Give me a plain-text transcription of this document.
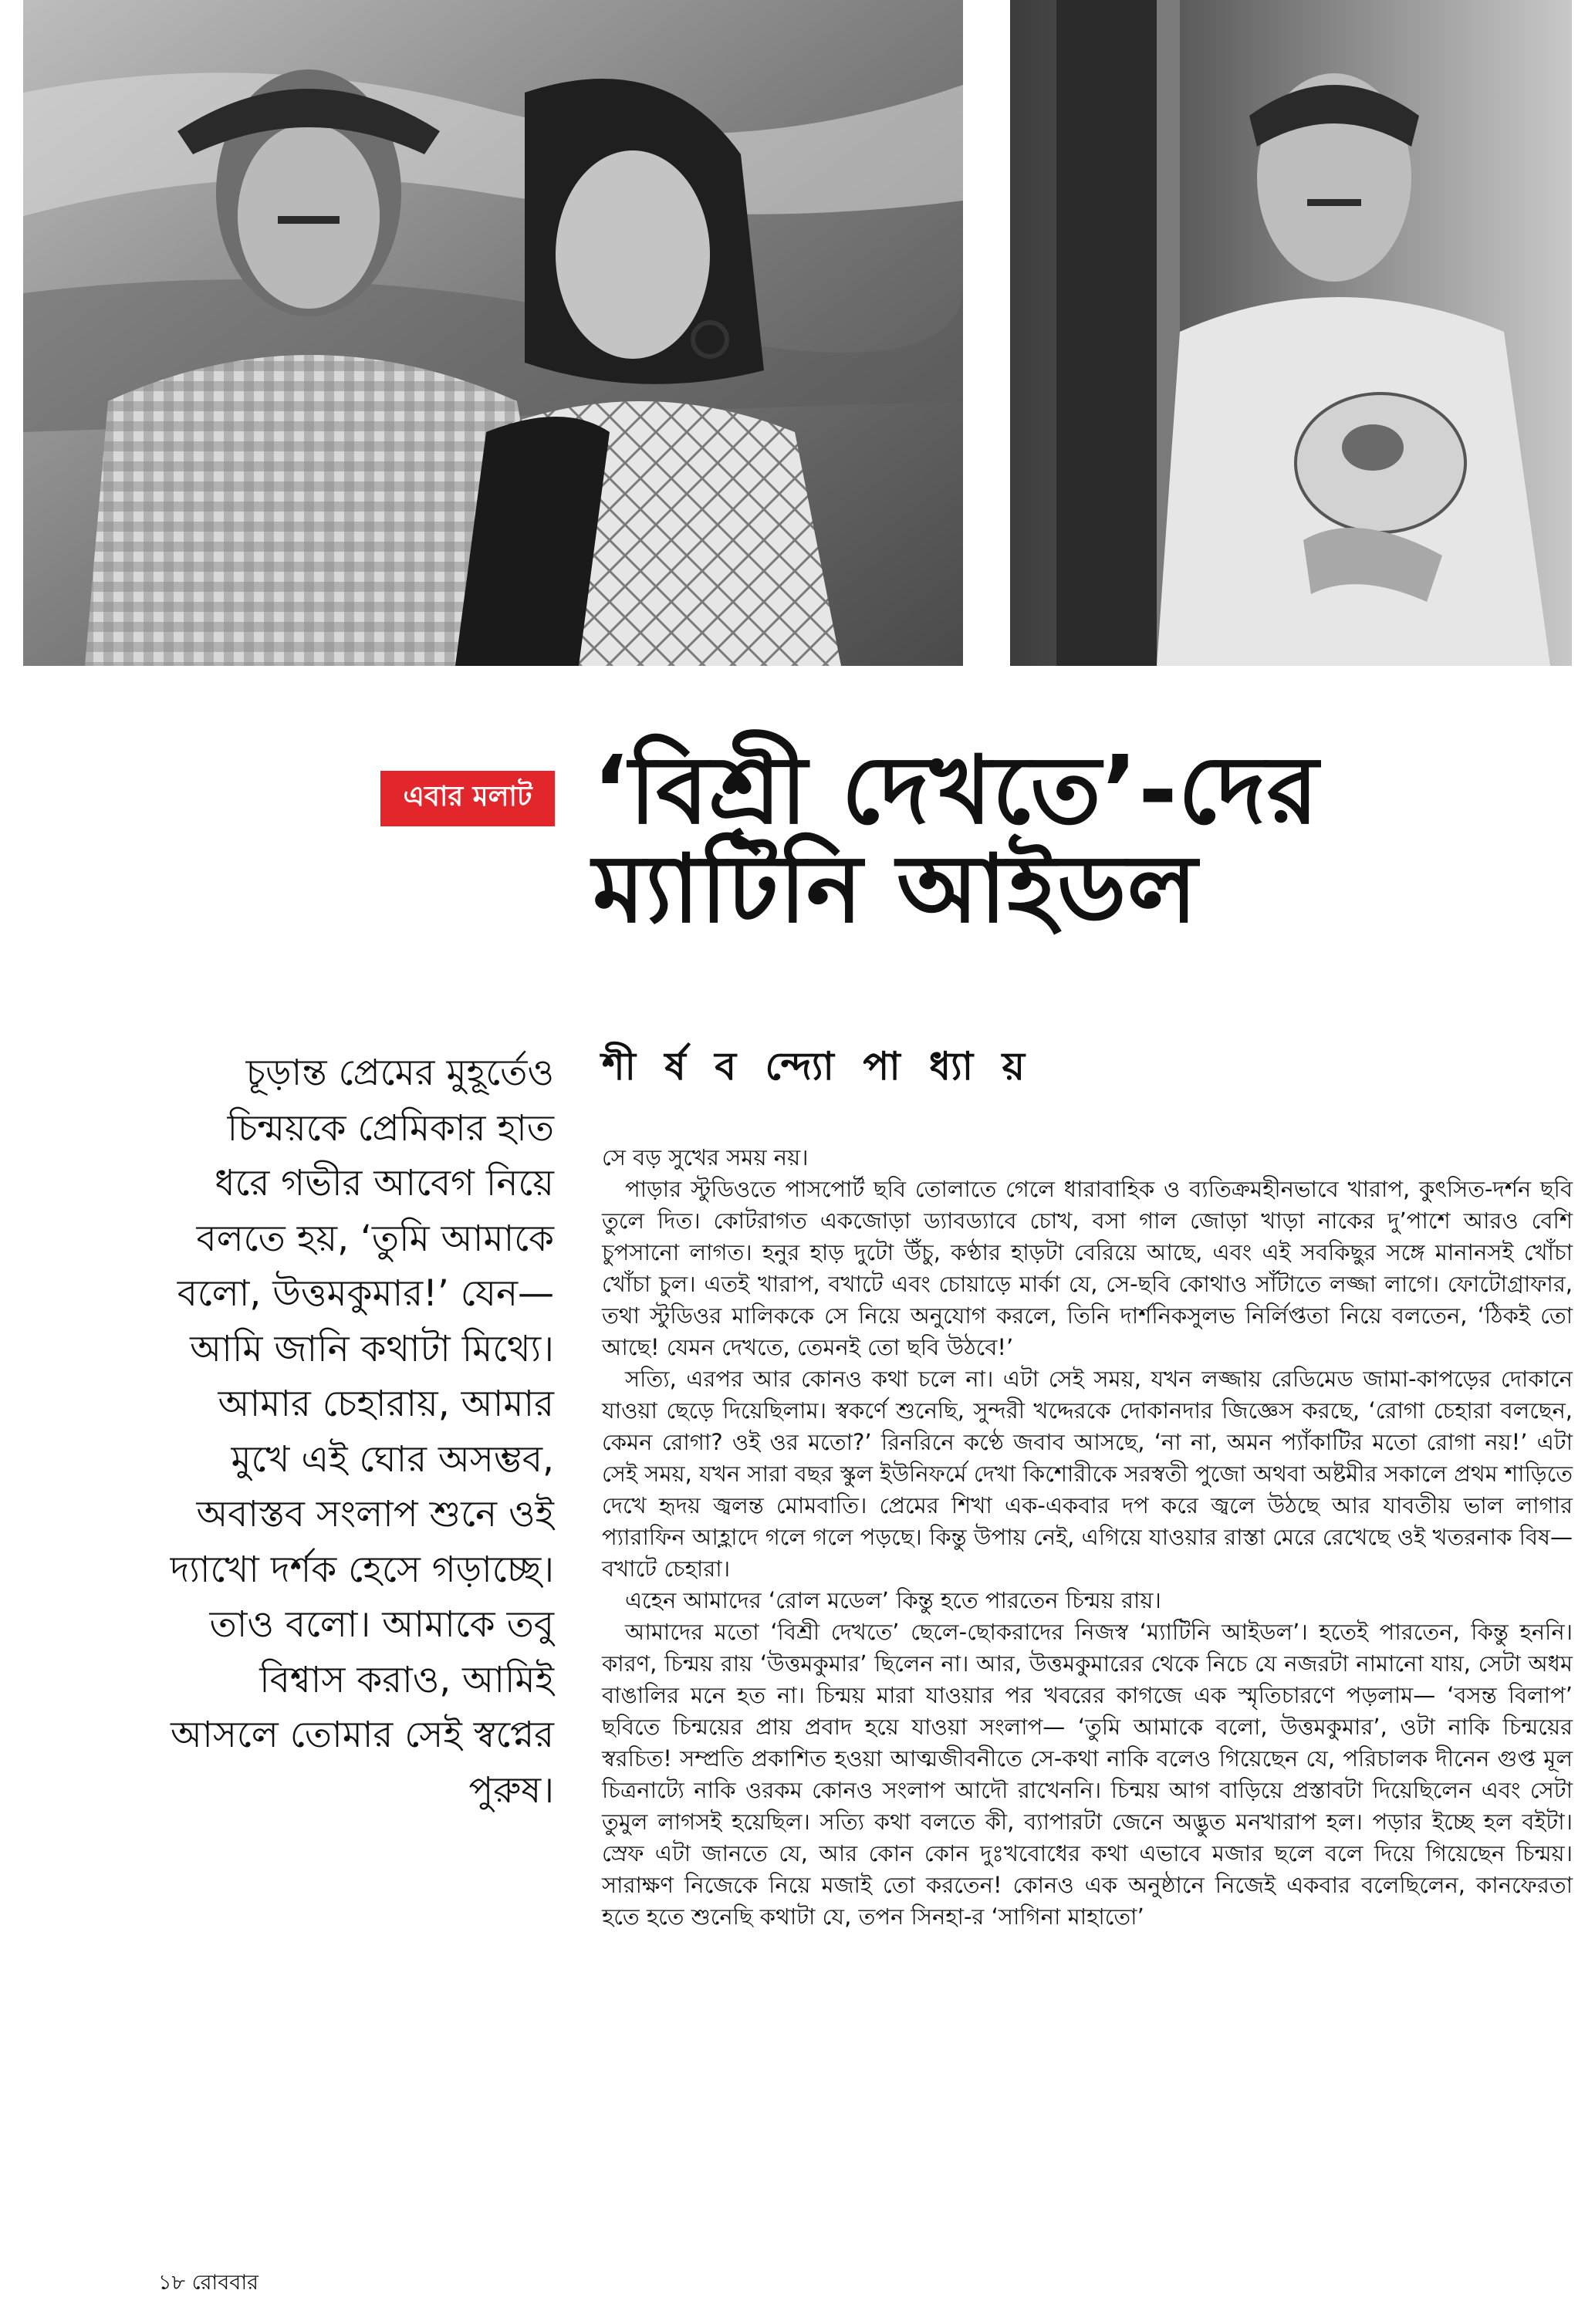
এবার মলাট ‘বিশ্রী দেখতে’-দের
ম্যাটিনি আইডল

চূড়ান্ত প্রেমের মুহূর্তেও চিন্ময়কে প্রেমিকার হাত ধরে গভীর আবেগ নিয়ে বলতে হয়, ‘তুমি আমাকে বলো, উত্তমকুমার!’ যেন— আমি জানি কথাটা মিথ্যে। আমার চেহারায়, আমার মুখে এই ঘোর অসম্ভব, অবাস্তব সংলাপ শুনে ওই দ্যাখো দর্শক হেসে গড়াচ্ছে। তাও বলো। আমাকে তবু বিশ্বাস করাও, আমিই আসলে তোমার সেই স্বপ্নের পুরুষ।

শী র্ষ ব ন্দ্যো পা ধ্যা য়

সে বড় সুখের সময় নয়।

পাড়ার স্টুডিওতে পাসপোর্ট ছবি তোলাতে গেলে ধারাবাহিক ও ব্যতিক্রমহীনভাবে খারাপ, কুৎসিত-দর্শন ছবি তুলে দিত। কোটরাগত একজোড়া ড্যাবড্যাবে চোখ, বসা গাল জোড়া খাড়া নাকের দু’পাশে আরও বেশি চুপসানো লাগত। হনুর হাড় দুটো উঁচু, কণ্ঠার হাড়টা বেরিয়ে আছে, এবং এই সবকিছুর সঙ্গে মানানসই খোঁচা খোঁচা চুল। এতই খারাপ, বখাটে এবং চোয়াড়ে মার্কা যে, সে-ছবি কোথাও সাঁটাতে লজ্জা লাগে। ফোটোগ্রাফার, তথা স্টুডিওর মালিককে সে নিয়ে অনুযোগ করলে, তিনি দার্শনিকসুলভ নির্লিপ্ততা নিয়ে বলতেন, ‘ঠিকই তো আছে! যেমন দেখতে, তেমনই তো ছবি উঠবে!’

সত্যি, এরপর আর কোনও কথা চলে না। এটা সেই সময়, যখন লজ্জায় রেডিমেড জামা-কাপড়ের দোকানে যাওয়া ছেড়ে দিয়েছিলাম। স্বকর্ণে শুনেছি, সুন্দরী খদ্দেরকে দোকানদার জিজ্ঞেস করছে, ‘রোগা চেহারা বলছেন, কেমন রোগা? ওই ওর মতো?’ রিনরিনে কণ্ঠে জবাব আসছে, ‘না না, অমন প্যাঁকাটির মতো রোগা নয়!’ এটা সেই সময়, যখন সারা বছর স্কুল ইউনিফর্মে দেখা কিশোরীকে সরস্বতী পুজো অথবা অষ্টমীর সকালে প্রথম শাড়িতে দেখে হৃদয় জ্বলন্ত মোমবাতি। প্রেমের শিখা এক-একবার দপ করে জ্বলে উঠছে আর যাবতীয় ভাল লাগার প্যারাফিন আহ্লাদে গলে গলে পড়ছে। কিন্তু উপায় নেই, এগিয়ে যাওয়ার রাস্তা মেরে রেখেছে ওই খতরনাক বিষ— বখাটে চেহারা।

এহেন আমাদের ‘রোল মডেল’ কিন্তু হতে পারতেন চিন্ময় রায়।

আমাদের মতো ‘বিশ্রী দেখতে’ ছেলে-ছোকরাদের নিজস্ব ‘ম্যাটিনি আইডল’। হতেই পারতেন, কিন্তু হননি। কারণ, চিন্ময় রায় ‘উত্তমকুমার’ ছিলেন না। আর, উত্তমকুমারের থেকে নিচে যে নজরটা নামানো যায়, সেটা অধম বাঙালির মনে হত না। চিন্ময় মারা যাওয়ার পর খবরের কাগজে এক স্মৃতিচারণে পড়লাম— ‘বসন্ত বিলাপ’ ছবিতে চিন্ময়ের প্রায় প্রবাদ হয়ে যাওয়া সংলাপ— ‘তুমি আমাকে বলো, উত্তমকুমার’, ওটা নাকি চিন্ময়ের স্বরচিত! সম্প্রতি প্রকাশিত হওয়া আত্মজীবনীতে সে-কথা নাকি বলেও গিয়েছেন যে, পরিচালক দীনেন গুপ্ত মূল চিত্রনাট্যে নাকি ওরকম কোনও সংলাপ আদৌ রাখেননি। চিন্ময় আগ বাড়িয়ে প্রস্তাবটা দিয়েছিলেন এবং সেটা তুমুল লাগসই হয়েছিল। সত্যি কথা বলতে কী, ব্যাপারটা জেনে অদ্ভুত মনখারাপ হল। পড়ার ইচ্ছে হল বইটা। স্রেফ এটা জানতে যে, আর কোন কোন দুঃখবোধের কথা এভাবে মজার ছলে বলে দিয়ে গিয়েছেন চিন্ময়। সারাক্ষণ নিজেকে নিয়ে মজাই তো করতেন! কোনও এক অনুষ্ঠানে নিজেই একবার বলেছিলেন, কানফেরতা হতে হতে শুনেছি কথাটা যে, তপন সিনহা-র ‘সাগিনা মাহাতো’

১৮ রোববার
